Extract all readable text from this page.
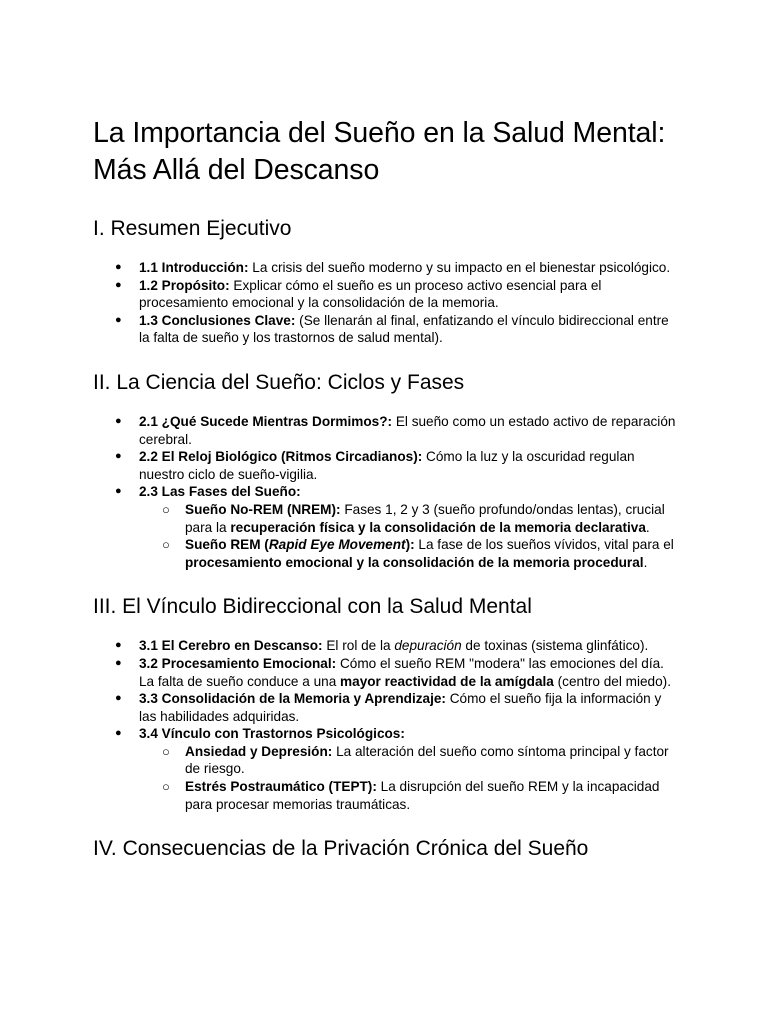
La Importancia del Sueño en la Salud Mental: Más Allá del Descanso
I. Resumen Ejecutivo
● 1.1 Introducción: La crisis del sueño moderno y su impacto en el bienestar psicológico.
● 1.2 Propósito: Explicar cómo el sueño es un proceso activo esencial para el procesamiento emocional y la consolidación de la memoria.
● 1.3 Conclusiones Clave: (Se llenarán al final, enfatizando el vínculo bidireccional entre la falta de sueño y los trastornos de salud mental).
II. La Ciencia del Sueño: Ciclos y Fases
● 2.1 ¿Qué Sucede Mientras Dormimos?: El sueño como un estado activo de reparación cerebral.
● 2.2 El Reloj Biológico (Ritmos Circadianos): Cómo la luz y la oscuridad regulan nuestro ciclo de sueño-vigilia.
● 2.3 Las Fases del Sueño:
○ Sueño No-REM (NREM): Fases 1, 2 y 3 (sueño profundo/ondas lentas), crucial para la recuperación física y la consolidación de la memoria declarativa.
○ Sueño REM (Rapid Eye Movement): La fase de los sueños vívidos, vital para el procesamiento emocional y la consolidación de la memoria procedural.
III. El Vínculo Bidireccional con la Salud Mental
● 3.1 El Cerebro en Descanso: El rol de la depuración de toxinas (sistema glinfático).
● 3.2 Procesamiento Emocional: Cómo el sueño REM "modera" las emociones del día. La falta de sueño conduce a una mayor reactividad de la amígdala (centro del miedo).
● 3.3 Consolidación de la Memoria y Aprendizaje: Cómo el sueño fija la información y las habilidades adquiridas.
● 3.4 Vínculo con Trastornos Psicológicos:
○ Ansiedad y Depresión: La alteración del sueño como síntoma principal y factor de riesgo.
○ Estrés Postraumático (TEPT): La disrupción del sueño REM y la incapacidad para procesar memorias traumáticas.
IV. Consecuencias de la Privación Crónica del Sueño
